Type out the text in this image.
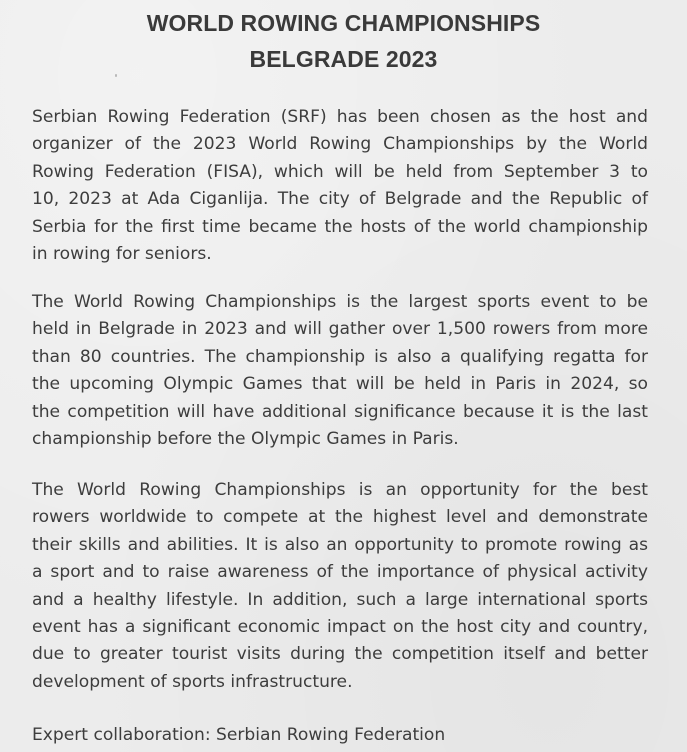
WORLD ROWING CHAMPIONSHIPS
BELGRADE 2023
Serbian Rowing Federation (SRF) has been chosen as the host and
organizer of the 2023 World Rowing Championships by the World
Rowing Federation (FISA), which will be held from September 3 to
10, 2023 at Ada Ciganlija. The city of Belgrade and the Republic of
Serbia for the first time became the hosts of the world championship
in rowing for seniors.
The World Rowing Championships is the largest sports event to be
held in Belgrade in 2023 and will gather over 1,500 rowers from more
than 80 countries. The championship is also a qualifying regatta for
the upcoming Olympic Games that will be held in Paris in 2024, so
the competition will have additional significance because it is the last
championship before the Olympic Games in Paris.
The World Rowing Championships is an opportunity for the best
rowers worldwide to compete at the highest level and demonstrate
their skills and abilities. It is also an opportunity to promote rowing as
a sport and to raise awareness of the importance of physical activity
and a healthy lifestyle. In addition, such a large international sports
event has a significant economic impact on the host city and country,
due to greater tourist visits during the competition itself and better
development of sports infrastructure.
Expert collaboration: Serbian Rowing Federation
